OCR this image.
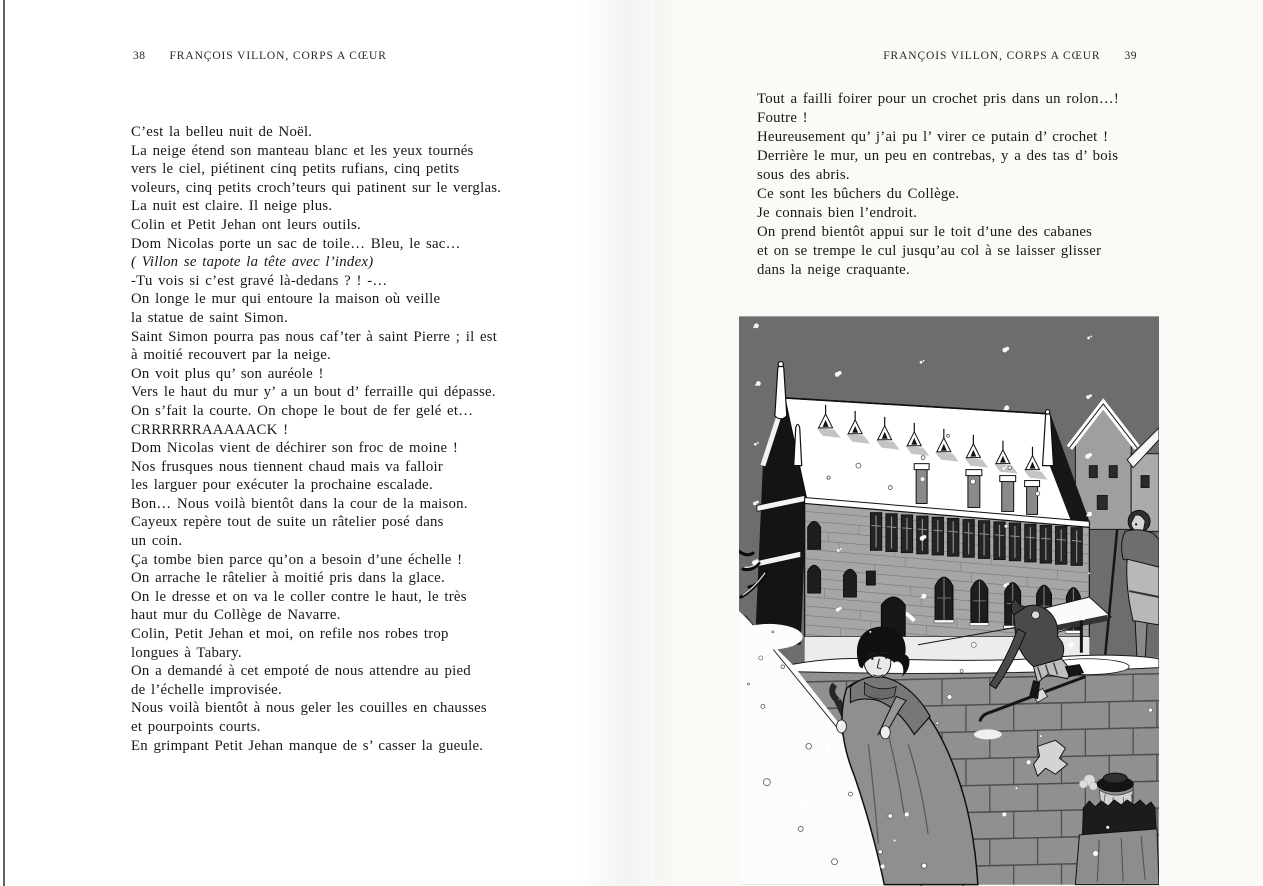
38 FRANÇOIS VILLON, CORPS A CŒUR
C’est la belleu nuit de Noël.
La neige étend son manteau blanc et les yeux tournés
vers le ciel, piétinent cinq petits rufians, cinq petits
voleurs, cinq petits croch’teurs qui patinent sur le verglas.
La nuit est claire. Il neige plus.
Colin et Petit Jehan ont leurs outils.
Dom Nicolas porte un sac de toile… Bleu, le sac…
( Villon se tapote la tête avec l’index)
-Tu vois si c’est gravé là-dedans ? ! -…
On longe le mur qui entoure la maison où veille
la statue de saint Simon.
Saint Simon pourra pas nous caf’ter à saint Pierre ; il est
à moitié recouvert par la neige.
On voit plus qu’ son auréole !
Vers le haut du mur y’ a un bout d’ ferraille qui dépasse.
On s’fait la courte. On chope le bout de fer gelé et…
CRRRRRRAAAAACK !
Dom Nicolas vient de déchirer son froc de moine !
Nos frusques nous tiennent chaud mais va falloir
les larguer pour exécuter la prochaine escalade.
Bon… Nous voilà bientôt dans la cour de la maison.
Cayeux repère tout de suite un râtelier posé dans
un coin.
Ça tombe bien parce qu’on a besoin d’une échelle !
On arrache le râtelier à moitié pris dans la glace.
On le dresse et on va le coller contre le haut, le très
haut mur du Collège de Navarre.
Colin, Petit Jehan et moi, on refile nos robes trop
longues à Tabary.
On a demandé à cet empoté de nous attendre au pied
de l’échelle improvisée.
Nous voilà bientôt à nous geler les couilles en chausses
et pourpoints courts.
En grimpant Petit Jehan manque de s’ casser la gueule.
FRANÇOIS VILLON, CORPS A CŒUR 39
Tout a failli foirer pour un crochet pris dans un rolon…!
Foutre !
Heureusement qu’ j’ai pu l’ virer ce putain d’ crochet !
Derrière le mur, un peu en contrebas, y a des tas d’ bois
sous des abris.
Ce sont les bûchers du Collège.
Je connais bien l’endroit.
On prend bientôt appui sur le toit d’une des cabanes
et on se trempe le cul jusqu’au col à se laisser glisser
dans la neige craquante.
